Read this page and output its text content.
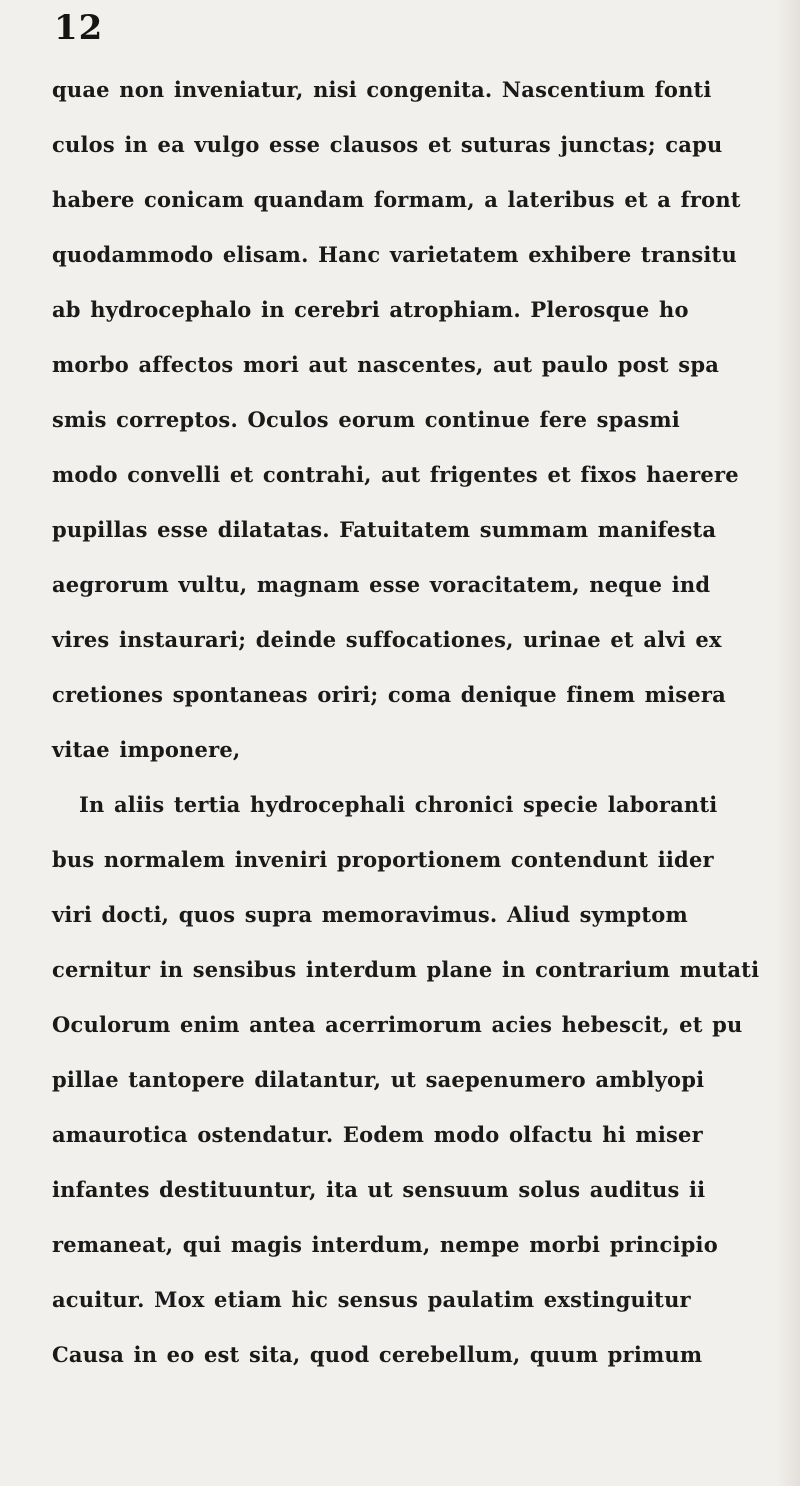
12
quae non inveniatur, nisi congenita. Nascentium fonti
culos in ea vulgo esse clausos et suturas junctas; capu
habere conicam quandam formam, a lateribus et a front
quodammodo elisam. Hanc varietatem exhibere transitu
ab hydrocephalo in cerebri atrophiam. Plerosque ho
morbo affectos mori aut nascentes, aut paulo post spa
smis correptos. Oculos eorum continue fere spasmi
modo convelli et contrahi, aut frigentes et fixos haerere
pupillas esse dilatatas. Fatuitatem summam manifesta
aegrorum vultu, magnam esse voracitatem, neque ind
vires instaurari; deinde suffocationes, urinae et alvi ex
cretiones spontaneas oriri; coma denique finem misera
vitae imponere,
In aliis tertia hydrocephali chronici specie laboranti
bus normalem inveniri proportionem contendunt iider
viri docti, quos supra memoravimus. Aliud symptom
cernitur in sensibus interdum plane in contrarium mutati
Oculorum enim antea acerrimorum acies hebescit, et pu
pillae tantopere dilatantur, ut saepenumero amblyopi
amaurotica ostendatur. Eodem modo olfactu hi miser
infantes destituuntur, ita ut sensuum solus auditus ii
remaneat, qui magis interdum, nempe morbi principio
acuitur. Mox etiam hic sensus paulatim exstinguitur
Causa in eo est sita, quod cerebellum, quum primum
